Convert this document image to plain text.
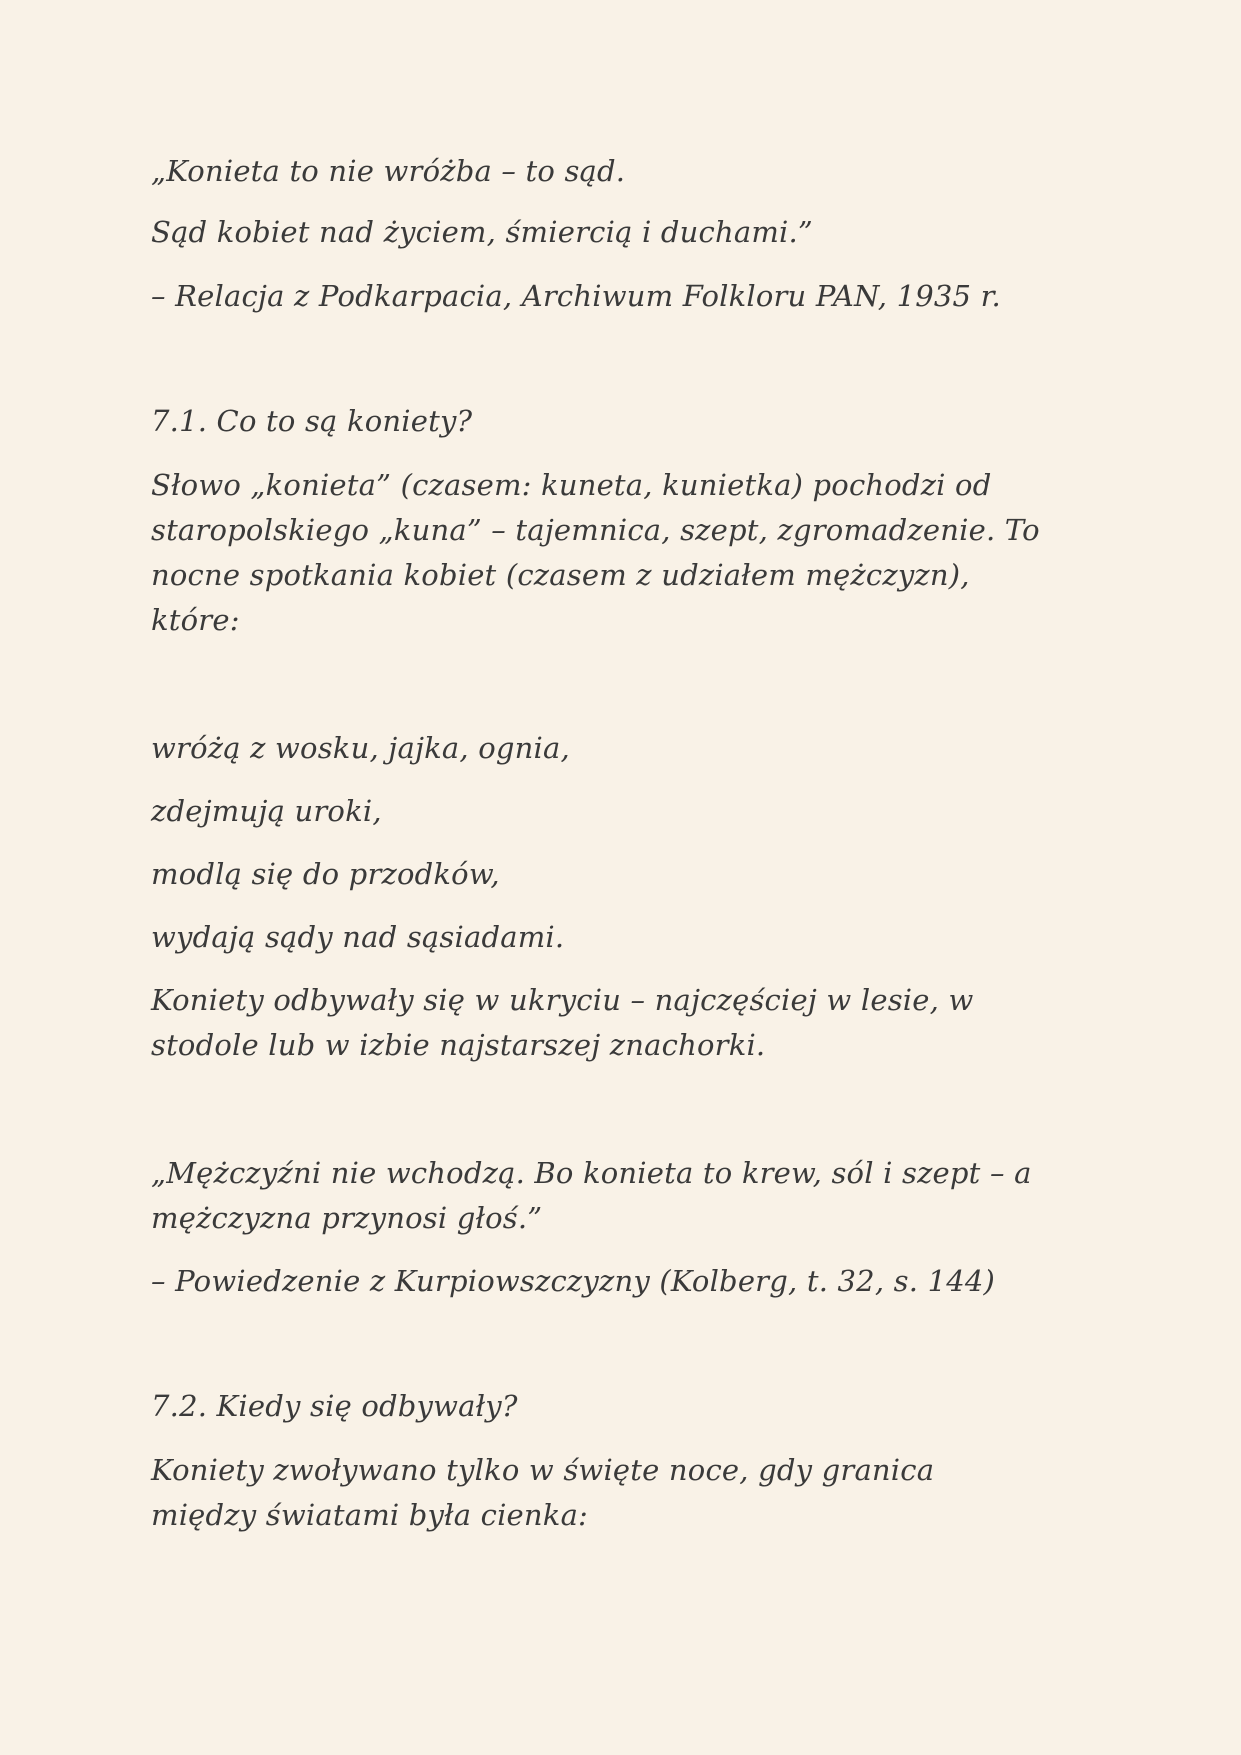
„Konieta to nie wróżba – to sąd.
Sąd kobiet nad życiem, śmiercią i duchami.”
– Relacja z Podkarpacia, Archiwum Folkloru PAN, 1935 r.
7.1. Co to są koniety?
Słowo „konieta” (czasem: kuneta, kunietka) pochodzi od
staropolskiego „kuna” – tajemnica, szept, zgromadzenie. To
nocne spotkania kobiet (czasem z udziałem mężczyzn),
które:
wróżą z wosku, jajka, ognia,
zdejmują uroki,
modlą się do przodków,
wydają sądy nad sąsiadami.
Koniety odbywały się w ukryciu – najczęściej w lesie, w
stodole lub w izbie najstarszej znachorki.
„Mężczyźni nie wchodzą. Bo konieta to krew, sól i szept – a
mężczyzna przynosi głoś.”
– Powiedzenie z Kurpiowszczyzny (Kolberg, t. 32, s. 144)
7.2. Kiedy się odbywały?
Koniety zwoływano tylko w święte noce, gdy granica
między światami była cienka:
